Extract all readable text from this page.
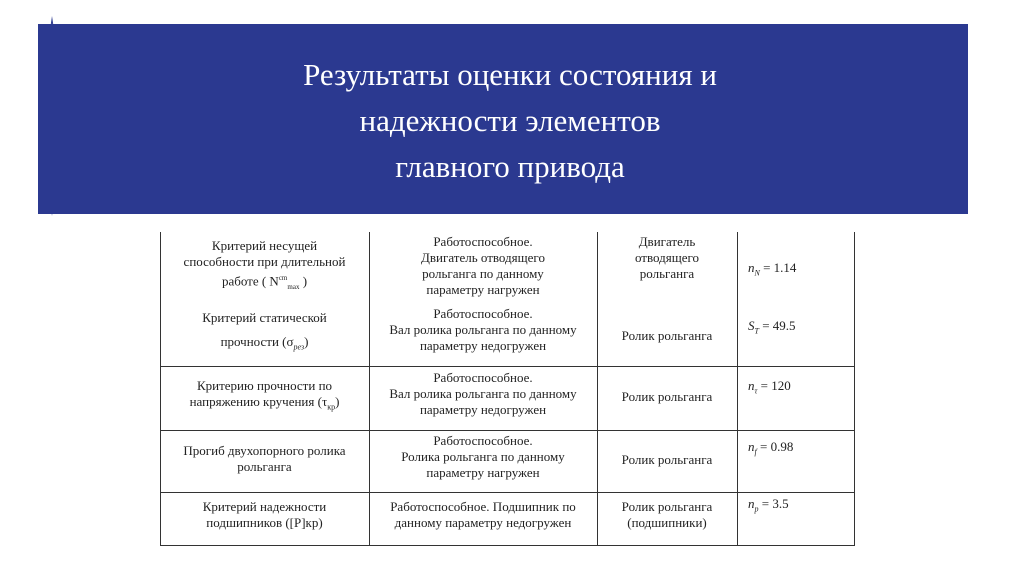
Результаты оценки состояния и
надежности элементов
главного привода
Критерий несущей
способности при длительной
работе ( $N^{cm}_{max}$ )
Работоспособное.
Двигатель отводящего
рольганга по данному
параметру нагружен
Двигатель
отводящего
рольганга	$n_N = 1.14$
Критерий статической
прочности $(\sigma_{рез})$
Работоспособное.
Вал ролика рольганга по данному
параметру недогружен
Ролик рольганга
$S_T = 49.5$
Критерию прочности по
напряжению кручения $(\tau_{кр})$
Работоспособное.
Вал ролика рольганга по данному
параметру недогружен
Ролик рольганга
$n_\tau = 120$
Прогиб двухопорного ролика
рольганга
Работоспособное.
Ролика рольганга по данному
параметру нагружен
Ролик рольганга
$n_f = 0.98$
Критерий надежности
подшипников ([P]кр)
Работоспособное. Подшипник по
данному параметру недогружен
Ролик рольганга
(подшипники)
$n_p = 3.5$
